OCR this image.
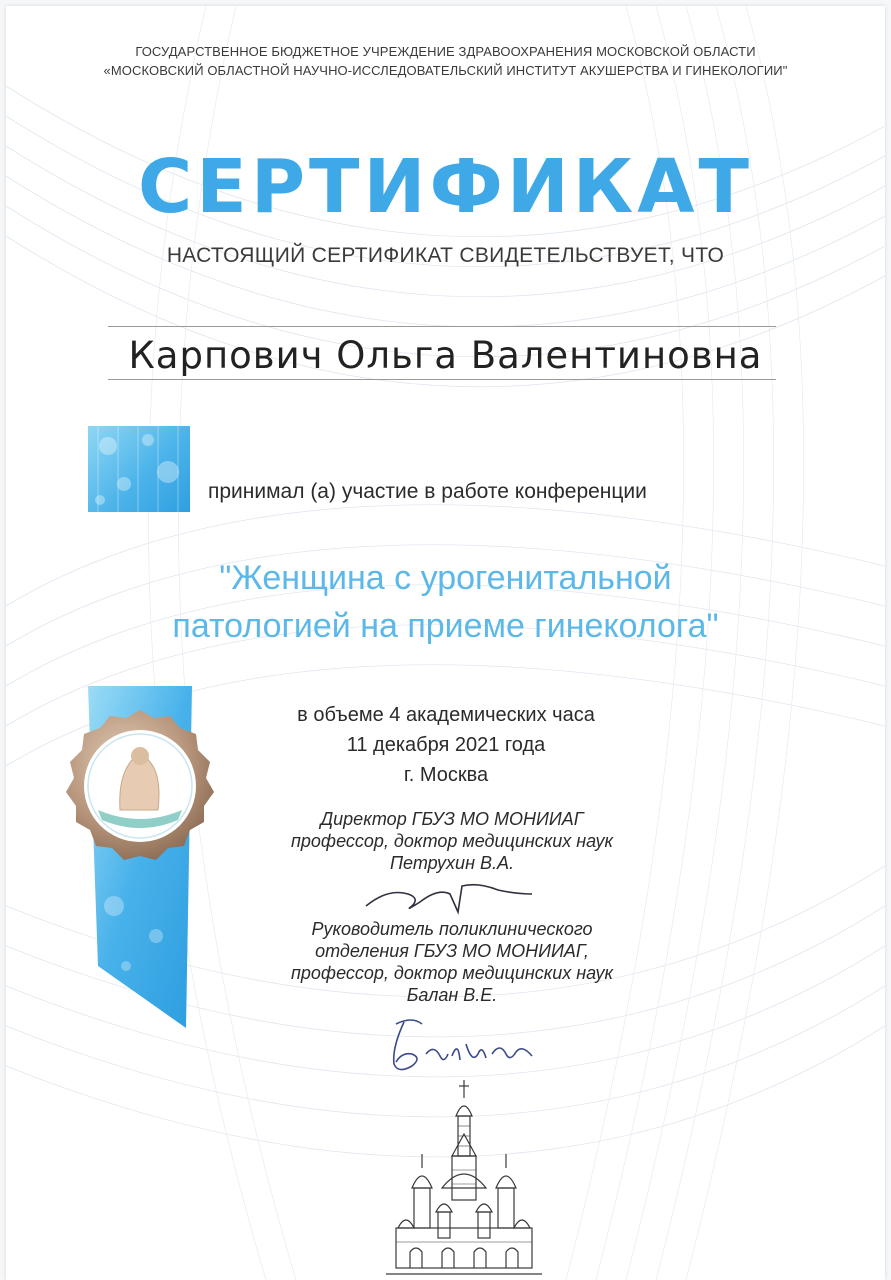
ГОСУДАРСТВЕННОЕ БЮДЖЕТНОЕ УЧРЕЖДЕНИЕ ЗДРАВООХРАНЕНИЯ МОСКОВСКОЙ ОБЛАСТИ
«МОСКОВСКИЙ ОБЛАСТНОЙ НАУЧНО-ИССЛЕДОВАТЕЛЬСКИЙ ИНСТИТУТ АКУШЕРСТВА И ГИНЕКОЛОГИИ"
СЕРТИФИКАТ
НАСТОЯЩИЙ СЕРТИФИКАТ СВИДЕТЕЛЬСТВУЕТ, ЧТО
Карпович Ольга Валентиновна
принимал (а) участие в работе конференции
"Женщина с урогенитальной
патологией на приеме гинеколога"
в объеме 4 академических часа
11 декабря 2021 года
г. Москва
Директор ГБУЗ МО МОНИИАГ
профессор, доктор медицинских наук
Петрухин В.А.
Руководитель поликлинического
отделения ГБУЗ МО МОНИИАГ,
профессор, доктор медицинских наук
Балан В.Е.
